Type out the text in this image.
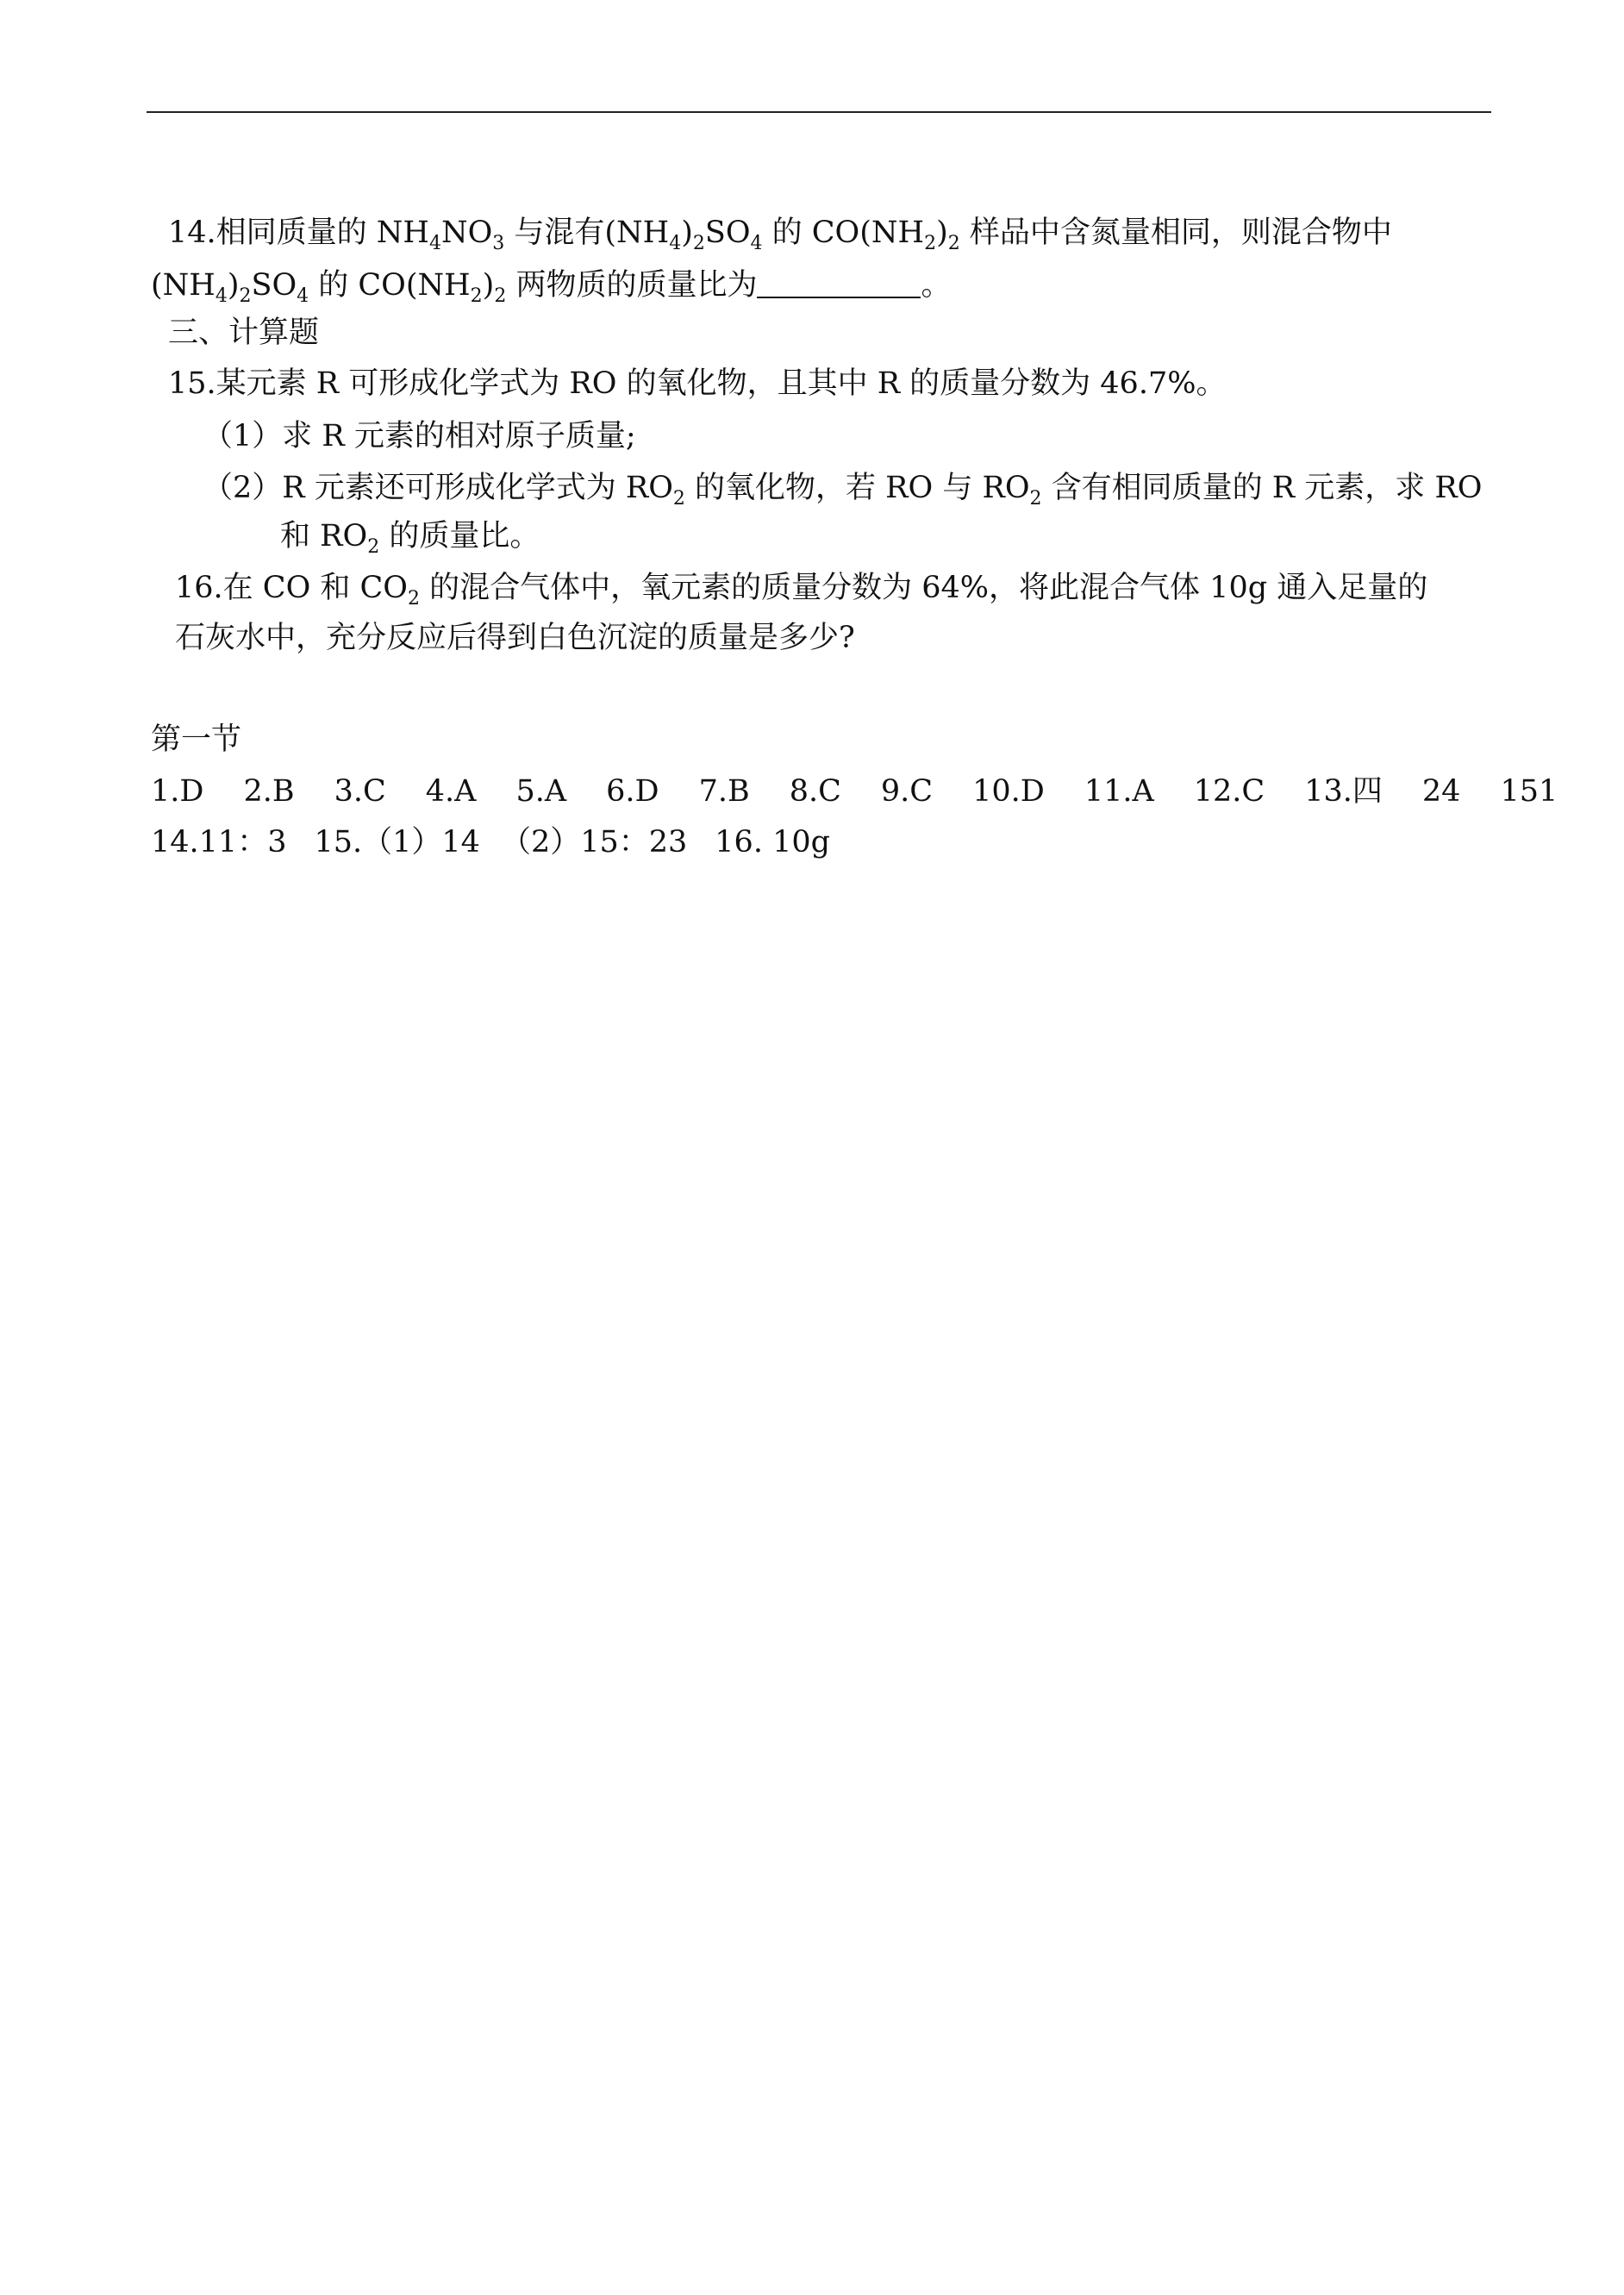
14.相同质量的 $NH_4NO_3$ 与混有$(NH_4)_2SO_4$ 的 $CO(NH_2)_2$ 样品中含氮量相同，则混合物中
$(NH_4)_2SO_4$ 的 $CO(NH_2)_2$ 两物质的质量比为	。
三、计算题
15.某元素 R 可形成化学式为 RO 的氧化物，且其中 R 的质量分数为 46.7%。
（1）求 R 元素的相对原子质量;
（2）R 元素还可形成化学式为 $RO_2$ 的氧化物，若 RO 与 $RO_2$ 含有相同质量的 R 元素，求 RO
和 $RO_2$ 的质量比。
16.在 CO 和 $CO_2$ 的混合气体中，氧元素的质量分数为 64%，将此混合气体 10g 通入足量的
石灰水中，充分反应后得到白色沉淀的质量是多少?
第一节
1.D 2.B 3.C 4.A 5.A 6.D 7.B 8.C 9.C 10.D 11.A 12.C 13.四 24 151
14.11：3 15.（1）14 （2）15：23 16. 10g
